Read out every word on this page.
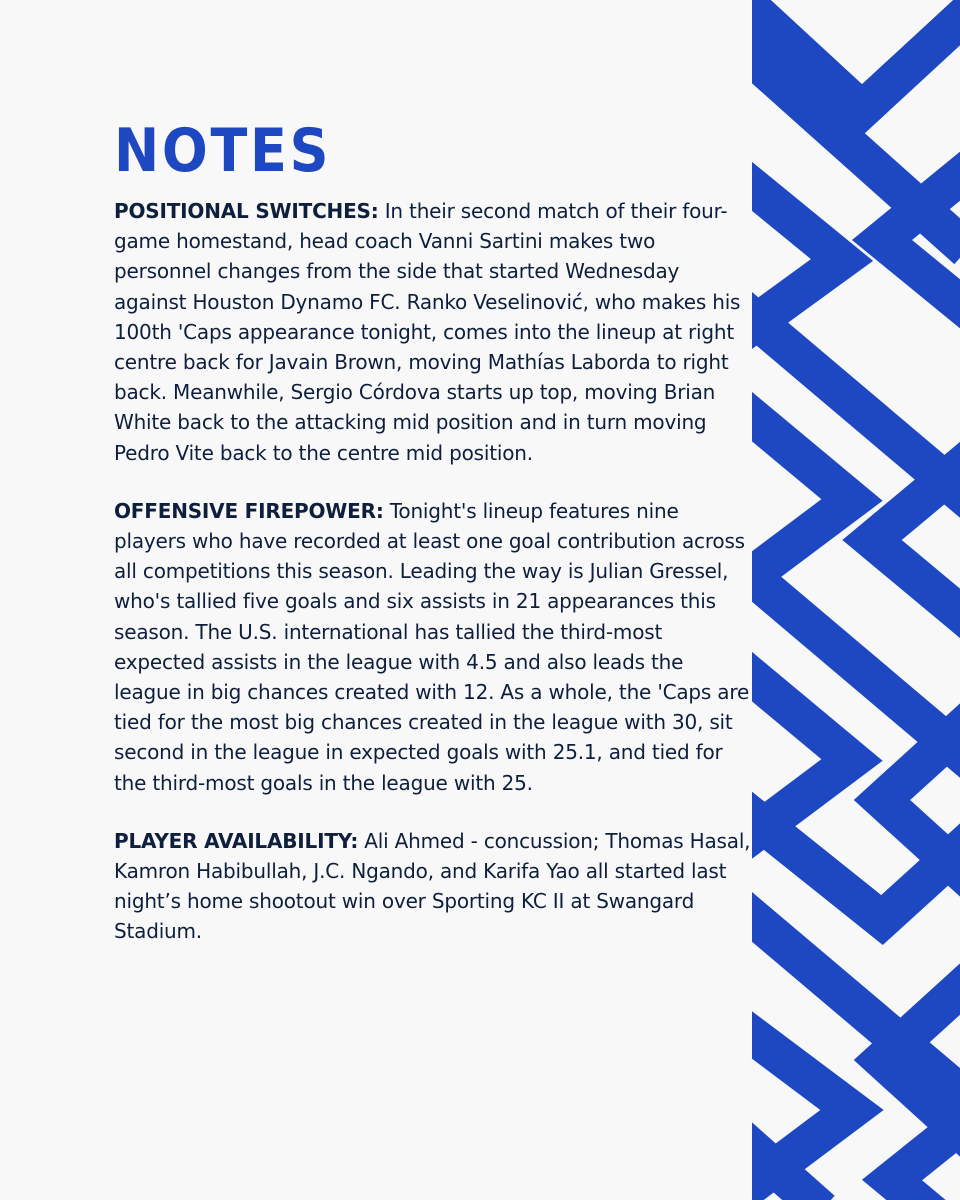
NOTES

POSITIONAL SWITCHES: In their second match of their four-game homestand, head coach Vanni Sartini makes two personnel changes from the side that started Wednesday against Houston Dynamo FC. Ranko Veselinović, who makes his 100th 'Caps appearance tonight, comes into the lineup at right centre back for Javain Brown, moving Mathías Laborda to right back. Meanwhile, Sergio Córdova starts up top, moving Brian White back to the attacking mid position and in turn moving Pedro Vite back to the centre mid position.

OFFENSIVE FIREPOWER: Tonight's lineup features nine players who have recorded at least one goal contribution across all competitions this season. Leading the way is Julian Gressel, who's tallied five goals and six assists in 21 appearances this season. The U.S. international has tallied the third-most expected assists in the league with 4.5 and also leads the league in big chances created with 12. As a whole, the 'Caps are tied for the most big chances created in the league with 30, sit second in the league in expected goals with 25.1, and tied for the third-most goals in the league with 25.

PLAYER AVAILABILITY: Ali Ahmed - concussion; Thomas Hasal, Kamron Habibullah, J.C. Ngando, and Karifa Yao all started last night’s home shootout win over Sporting KC II at Swangard Stadium.
